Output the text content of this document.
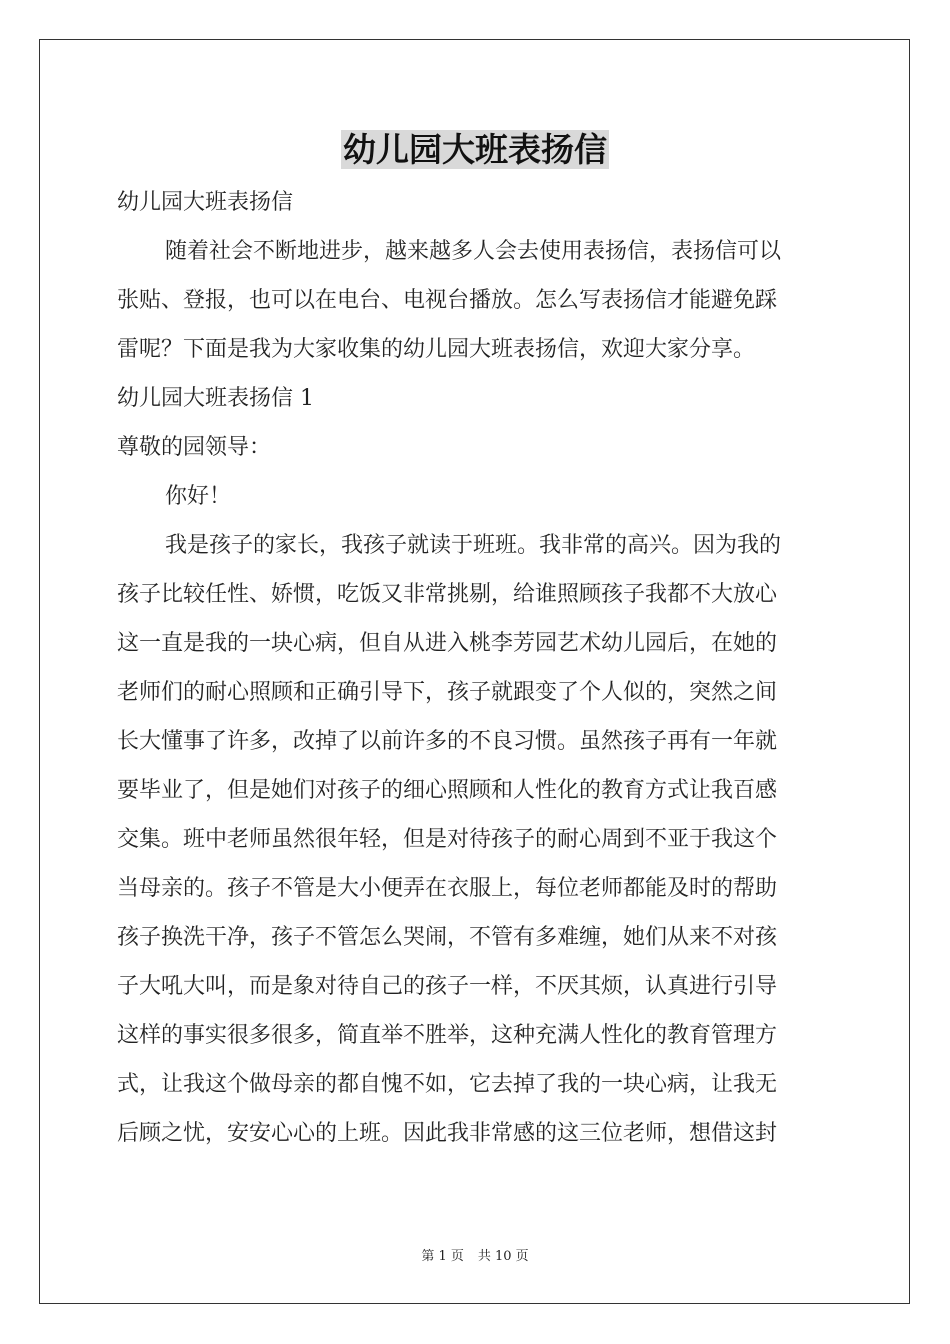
幼儿园大班表扬信
幼儿园大班表扬信
随着社会不断地进步，越来越多人会去使用表扬信，表扬信可以
张贴、登报，也可以在电台、电视台播放。怎么写表扬信才能避免踩
雷呢？下面是我为大家收集的幼儿园大班表扬信，欢迎大家分享。
幼儿园大班表扬信 1
尊敬的园领导：
你好！
我是孩子的家长，我孩子就读于班班。我非常的高兴。因为我的
孩子比较任性、娇惯，吃饭又非常挑剔，给谁照顾孩子我都不大放心
这一直是我的一块心病，但自从进入桃李芳园艺术幼儿园后，在她的
老师们的耐心照顾和正确引导下，孩子就跟变了个人似的，突然之间
长大懂事了许多，改掉了以前许多的不良习惯。虽然孩子再有一年就
要毕业了，但是她们对孩子的细心照顾和人性化的教育方式让我百感
交集。班中老师虽然很年轻，但是对待孩子的耐心周到不亚于我这个
当母亲的。孩子不管是大小便弄在衣服上，每位老师都能及时的帮助
孩子换洗干净，孩子不管怎么哭闹，不管有多难缠，她们从来不对孩
子大吼大叫，而是象对待自己的孩子一样，不厌其烦，认真进行引导
这样的事实很多很多，简直举不胜举，这种充满人性化的教育管理方
式，让我这个做母亲的都自愧不如，它去掉了我的一块心病，让我无
后顾之忧，安安心心的上班。因此我非常感的这三位老师，想借这封
第 1 页 共 10 页
